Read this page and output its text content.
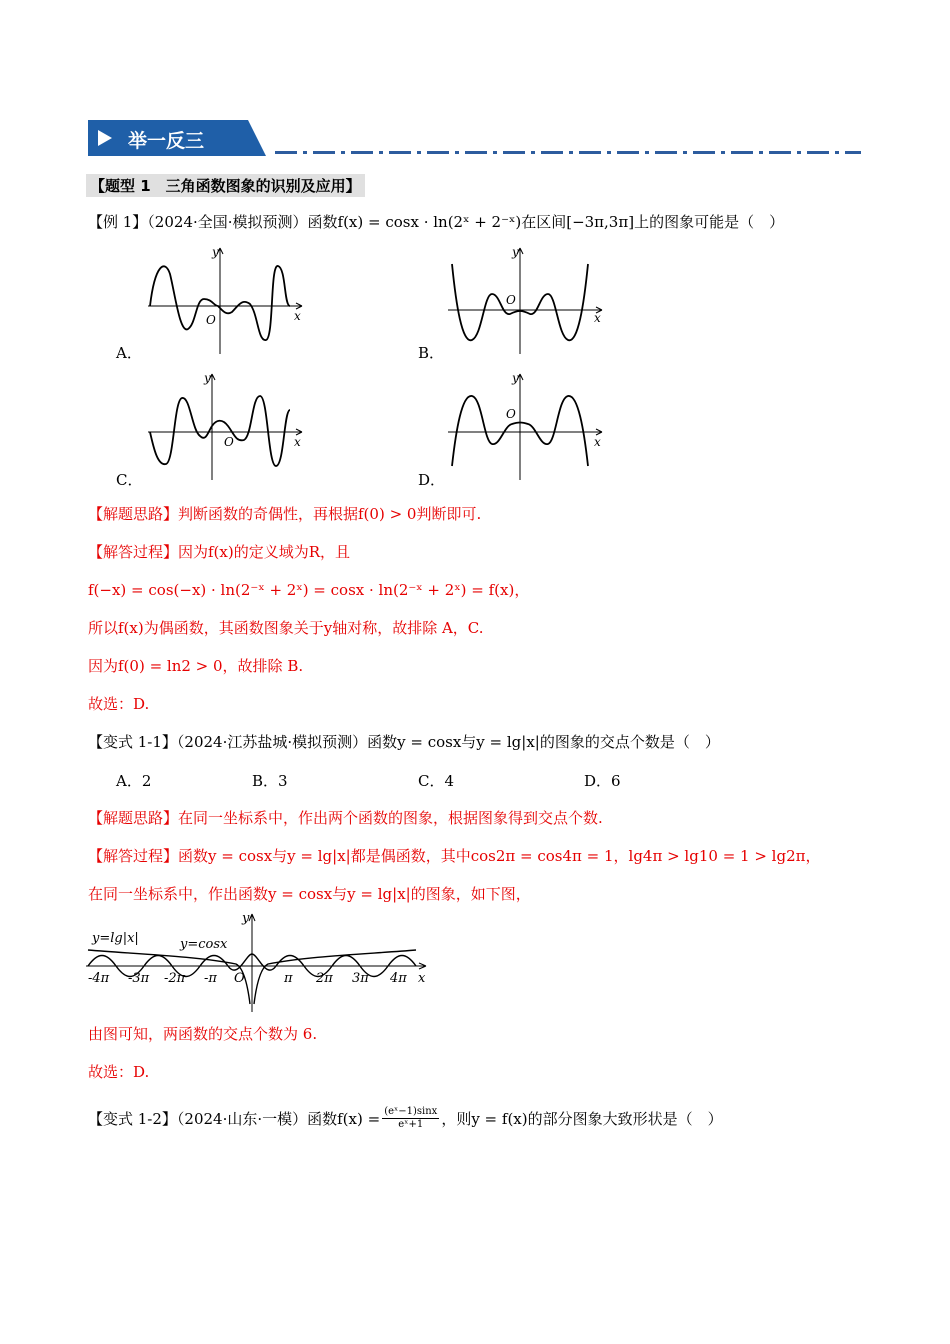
举一反三
【题型 1　三角函数图象的识别及应用】
【例 1】（2024·全国·模拟预测）函数f(x) = cosx · ln(2ˣ + 2⁻ˣ)在区间[−3π,3π]上的图象可能是（　）
y
x
O
A．
y
x
O
B．
y
x
O
C．
y
x
O
D．
【解题思路】判断函数的奇偶性，再根据f(0) > 0判断即可.
【解答过程】因为f(x)的定义域为R，且
f(−x) = cos(−x) · ln(2⁻ˣ + 2ˣ) = cosx · ln(2⁻ˣ + 2ˣ) = f(x)，
所以f(x)为偶函数，其函数图象关于y轴对称，故排除 A，C.
因为f(0) = ln2 > 0，故排除 B.
故选：D.
【变式 1-1】（2024·江苏盐城·模拟预测）函数y = cosx与y = lg|x|的图象的交点个数是（　）
A．2	B．3	C．4	D．6
【解题思路】在同一坐标系中，作出两个函数的图象，根据图象得到交点个数.
【解答过程】函数y = cosx与y = lg|x|都是偶函数，其中cos2π = cos4π = 1，lg4π > lg10 = 1 > lg2π，
在同一坐标系中，作出函数y = cosx与y = lg|x|的图象，如下图，
y
x
O
y=lg|x|	y=cosx
-4π -3π -2π -π	π 2π 3π 4π
由图可知，两函数的交点个数为 6.
故选：D.
【变式 1-2】（2024·山东·一模）函数$f(x) = \frac{\text{(eˣ−1)sinx}}{\text{eˣ+1}}$ ，则y = f(x)的部分图象大致形状是（　）
